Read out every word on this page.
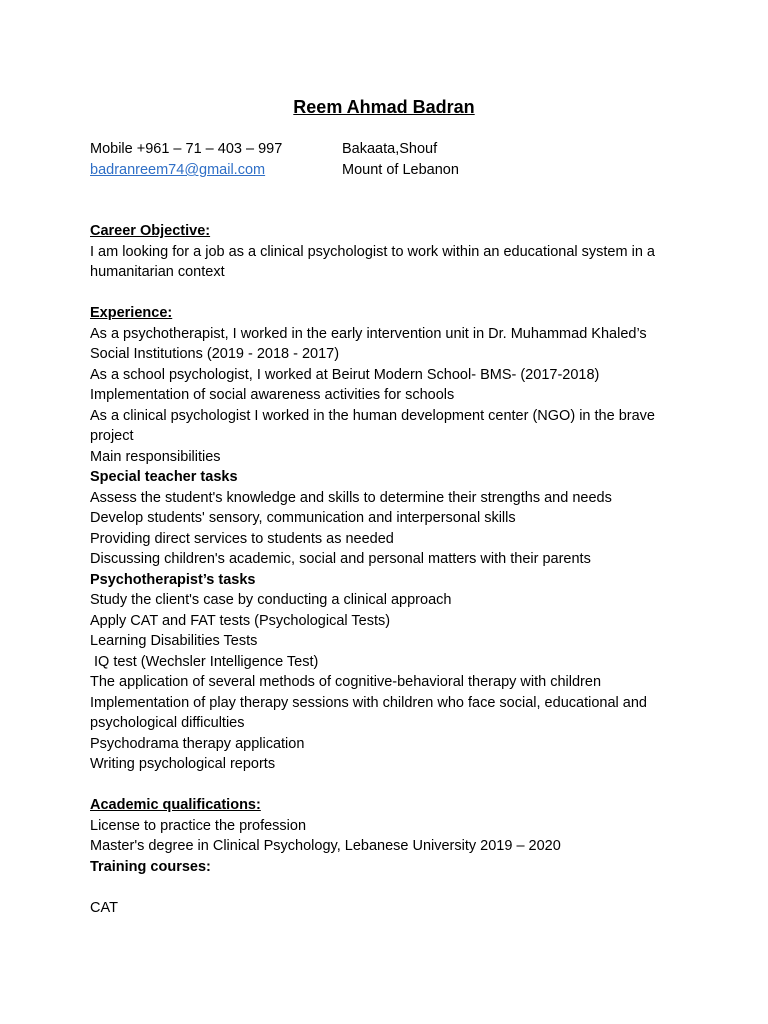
Reem Ahmad Badran
Mobile +961 – 71 – 403 – 997
badranreem74@gmail.com
Bakaata,Shouf
Mount of Lebanon
Career Objective:
I am looking for a job as a clinical psychologist to work within an educational system in a humanitarian context
Experience:
As a psychotherapist, I worked in the early intervention unit in Dr. Muhammad Khaled’s Social Institutions (2019 - 2018 - 2017)
As a school psychologist, I worked at Beirut Modern School- BMS- (2017-2018)
Implementation of social awareness activities for schools
As a clinical psychologist I worked in the human development center (NGO) in the brave project
Main responsibilities
Special teacher tasks
Assess the student's knowledge and skills to determine their strengths and needs
Develop students' sensory, communication and interpersonal skills
Providing direct services to students as needed
Discussing children's academic, social and personal matters with their parents
Psychotherapist’s tasks
Study the client's case by conducting a clinical approach
Apply CAT and FAT tests (Psychological Tests)
Learning Disabilities Tests
IQ test (Wechsler Intelligence Test)
The application of several methods of cognitive-behavioral therapy with children
Implementation of play therapy sessions with children who face social, educational and psychological difficulties
Psychodrama therapy application
Writing psychological reports
Academic qualifications:
License to practice the profession
Master's degree in Clinical Psychology, Lebanese University 2019 – 2020
Training courses:
CAT
